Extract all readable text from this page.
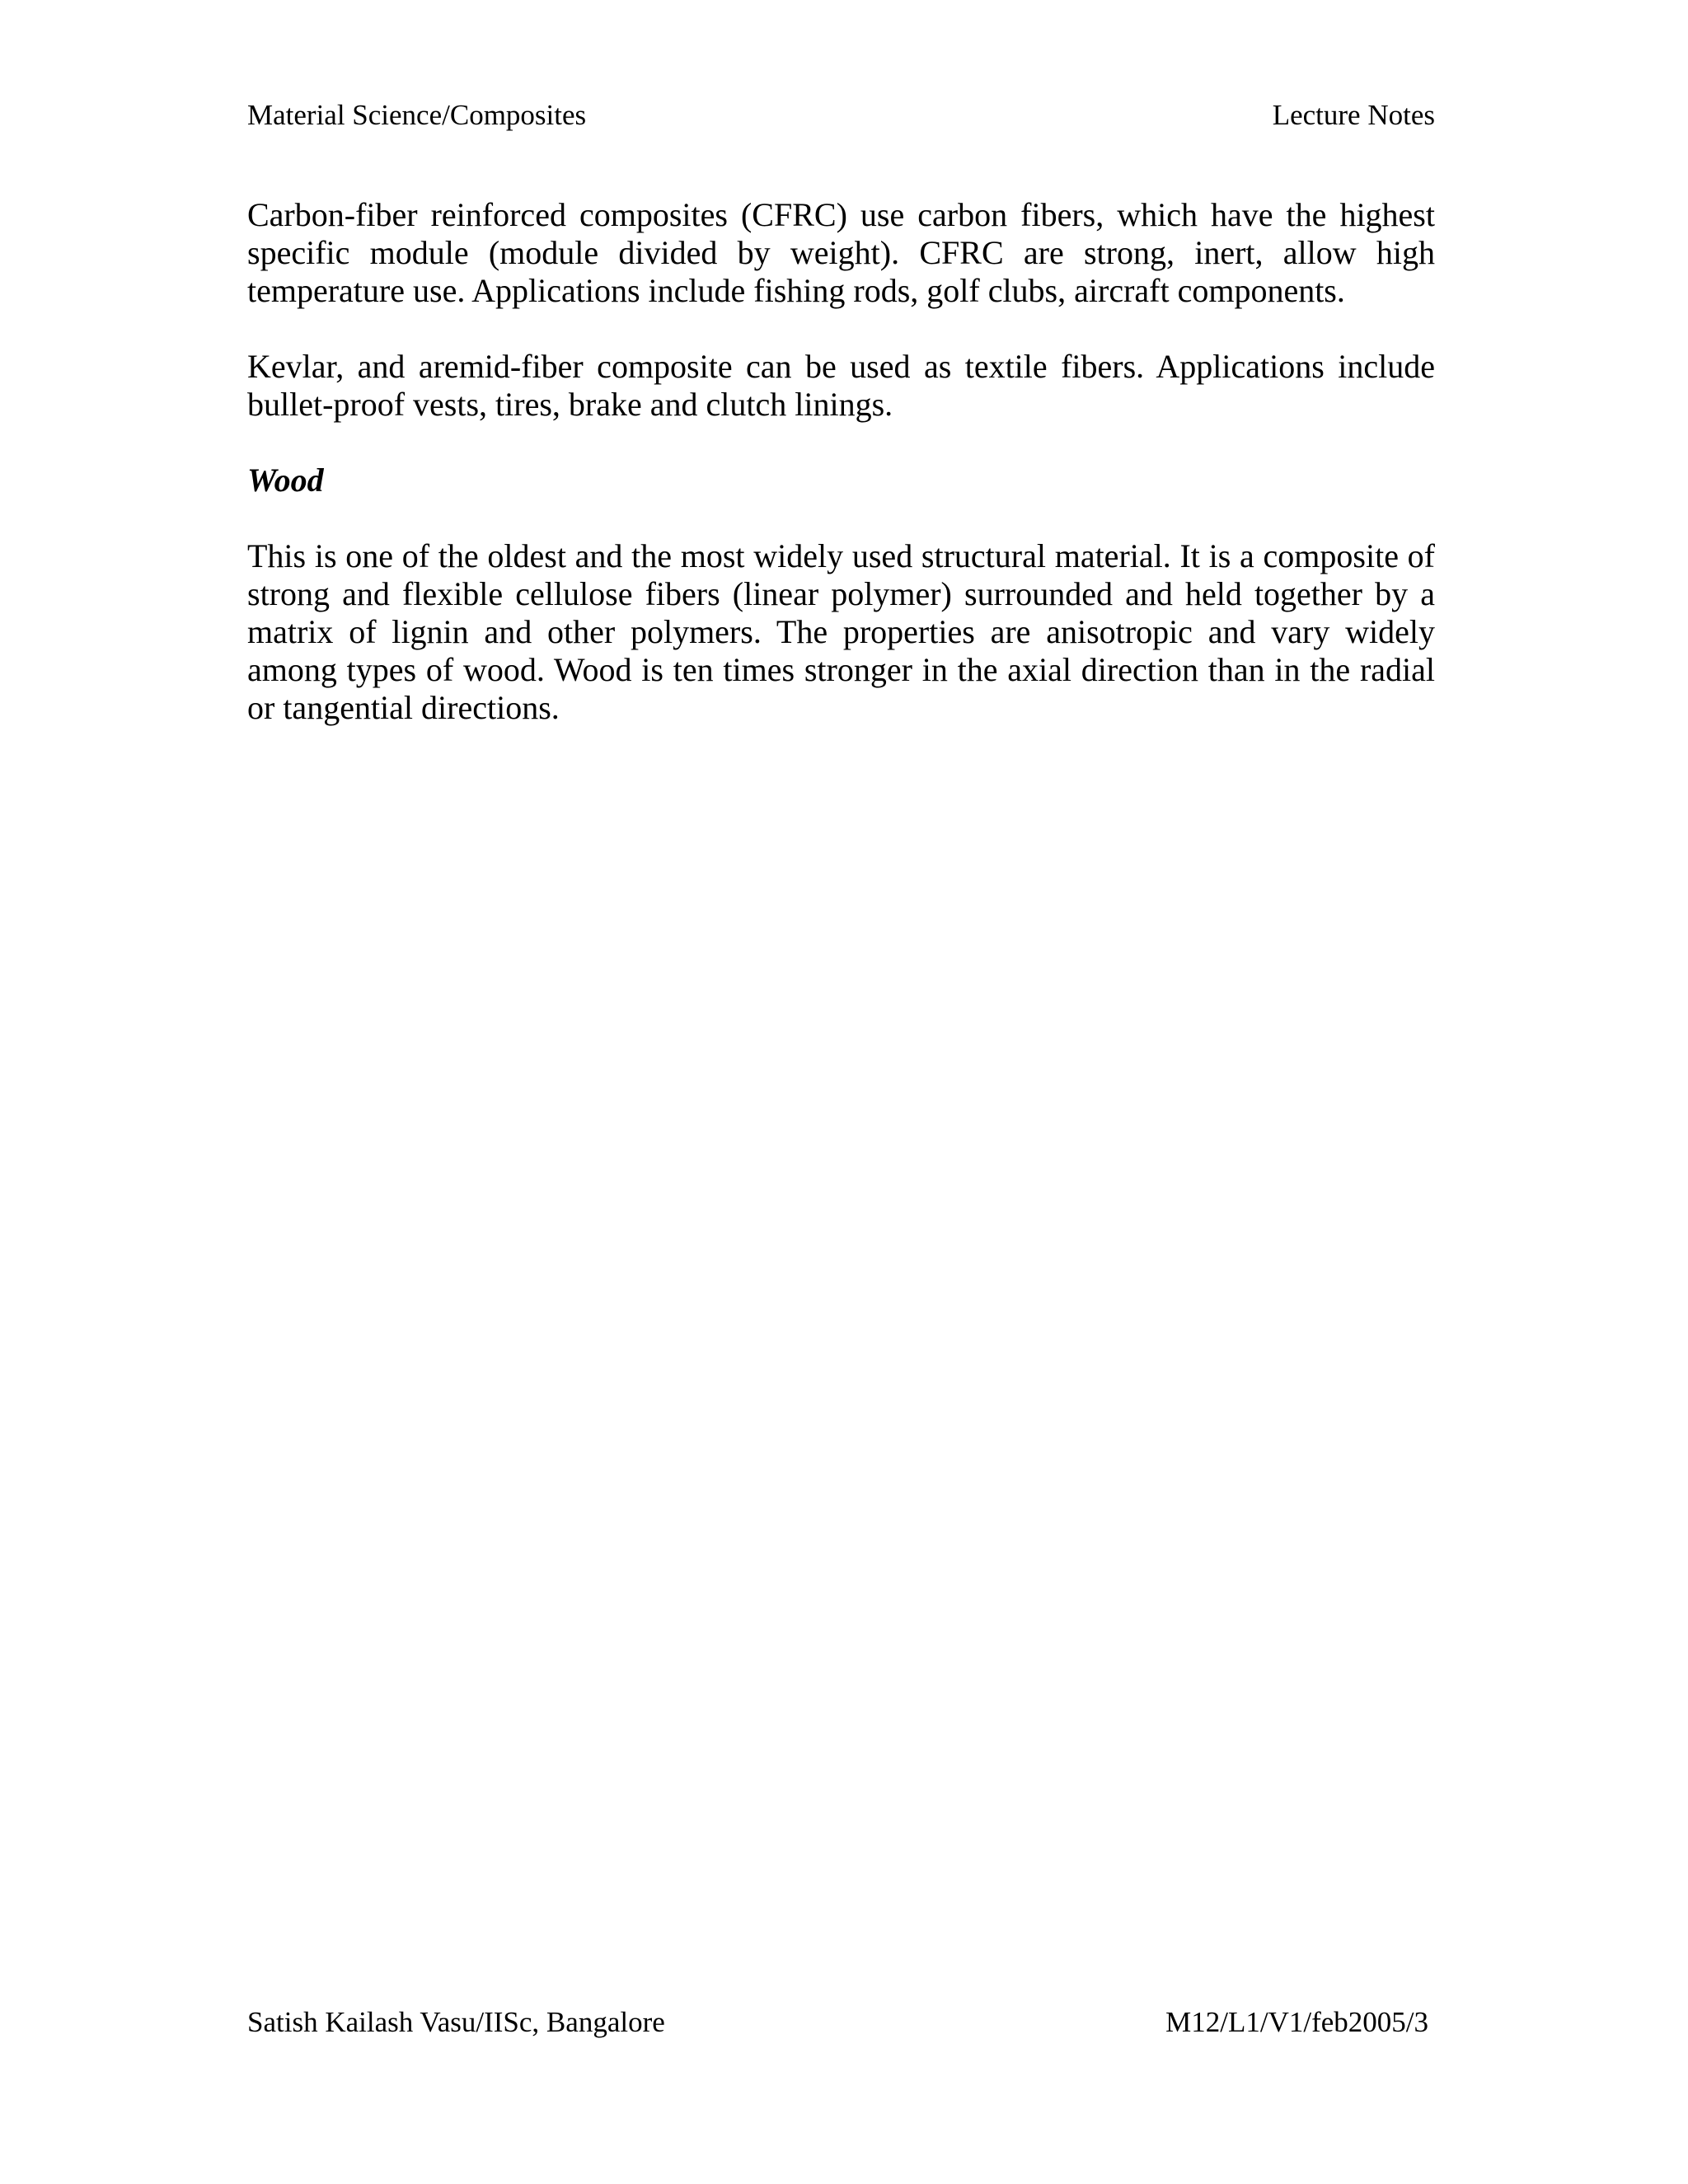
Material Science/Composites	Lecture Notes

Carbon-fiber reinforced composites (CFRC) use carbon fibers, which have the highest specific module (module divided by weight). CFRC are strong, inert, allow high temperature use. Applications include fishing rods, golf clubs, aircraft components.

Kevlar, and aremid-fiber composite can be used as textile fibers. Applications include bullet-proof vests, tires, brake and clutch linings.

Wood

This is one of the oldest and the most widely used structural material. It is a composite of strong and flexible cellulose fibers (linear polymer) surrounded and held together by a matrix of lignin and other polymers. The properties are anisotropic and vary widely among types of wood. Wood is ten times stronger in the axial direction than in the radial or tangential directions.

Satish Kailash Vasu/IISc, Bangalore	M12/L1/V1/feb2005/3
